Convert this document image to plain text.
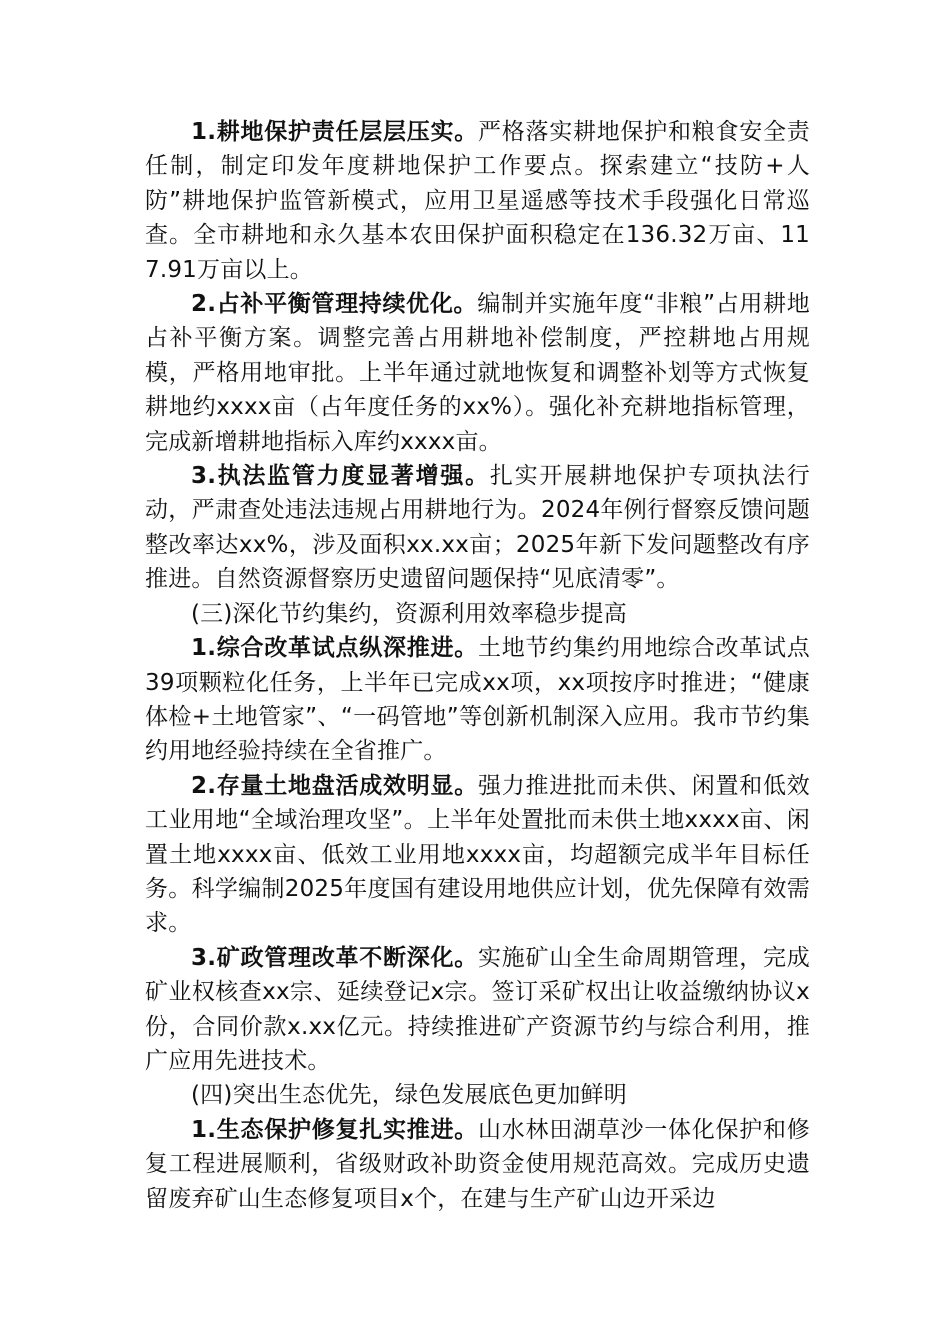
1.耕地保护责任层层压实。严格落实耕地保护和粮食安全责任制，制定印发年度耕地保护工作要点。探索建立“技防+人防”耕地保护监管新模式，应用卫星遥感等技术手段强化日常巡查。全市耕地和永久基本农田保护面积稳定在136.32万亩、117.91万亩以上。

2.占补平衡管理持续优化。编制并实施年度“非粮”占用耕地占补平衡方案。调整完善占用耕地补偿制度，严控耕地占用规模，严格用地审批。上半年通过就地恢复和调整补划等方式恢复耕地约xxxx亩（占年度任务的xx%）。强化补充耕地指标管理，完成新增耕地指标入库约xxxx亩。

3.执法监管力度显著增强。扎实开展耕地保护专项执法行动，严肃查处违法违规占用耕地行为。2024年例行督察反馈问题整改率达xx%，涉及面积xx.xx亩；2025年新下发问题整改有序推进。自然资源督察历史遗留问题保持“见底清零”。

(三)深化节约集约，资源利用效率稳步提高

1.综合改革试点纵深推进。土地节约集约用地综合改革试点39项颗粒化任务，上半年已完成xx项，xx项按序时推进；“健康体检+土地管家”、“一码管地”等创新机制深入应用。我市节约集约用地经验持续在全省推广。

2.存量土地盘活成效明显。强力推进批而未供、闲置和低效工业用地“全域治理攻坚”。上半年处置批而未供土地xxxx亩、闲置土地xxxx亩、低效工业用地xxxx亩，均超额完成半年目标任务。科学编制2025年度国有建设用地供应计划，优先保障有效需求。

3.矿政管理改革不断深化。实施矿山全生命周期管理，完成矿业权核查xx宗、延续登记x宗。签订采矿权出让收益缴纳协议x份，合同价款x.xx亿元。持续推进矿产资源节约与综合利用，推广应用先进技术。

(四)突出生态优先，绿色发展底色更加鲜明

1.生态保护修复扎实推进。山水林田湖草沙一体化保护和修复工程进展顺利，省级财政补助资金使用规范高效。完成历史遗留废弃矿山生态修复项目x个，在建与生产矿山边开采边
